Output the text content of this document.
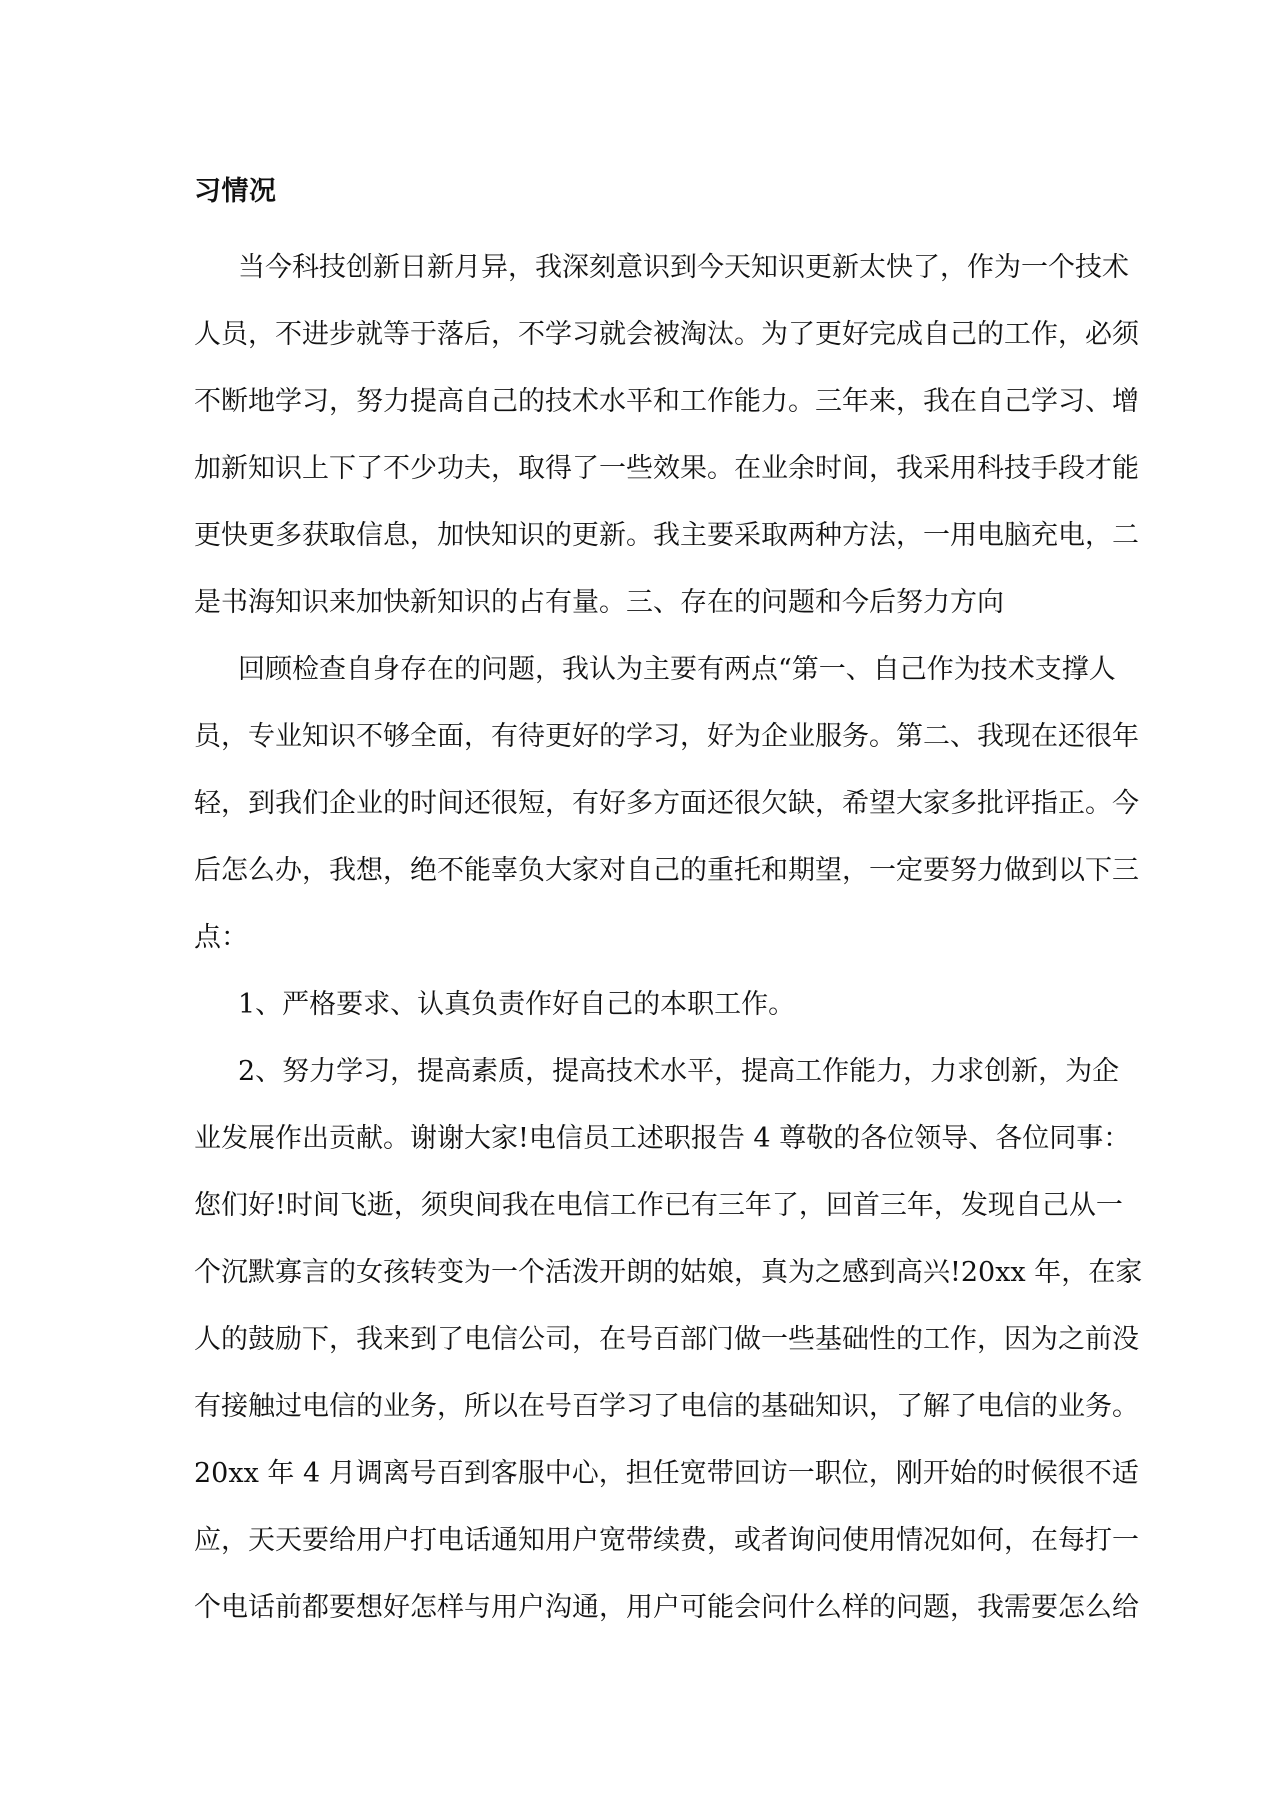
习情况
当今科技创新日新月异，我深刻意识到今天知识更新太快了，作为一个技术
人员，不进步就等于落后，不学习就会被淘汰。为了更好完成自己的工作，必须
不断地学习，努力提高自己的技术水平和工作能力。三年来，我在自己学习、增
加新知识上下了不少功夫，取得了一些效果。在业余时间，我采用科技手段才能
更快更多获取信息，加快知识的更新。我主要采取两种方法，一用电脑充电，二
是书海知识来加快新知识的占有量。三、存在的问题和今后努力方向
回顾检查自身存在的问题，我认为主要有两点“第一、自己作为技术支撑人
员，专业知识不够全面，有待更好的学习，好为企业服务。第二、我现在还很年
轻，到我们企业的时间还很短，有好多方面还很欠缺，希望大家多批评指正。今
后怎么办，我想，绝不能辜负大家对自己的重托和期望，一定要努力做到以下三
点：
1、严格要求、认真负责作好自己的本职工作。
2、努力学习，提高素质，提高技术水平，提高工作能力，力求创新，为企
业发展作出贡献。谢谢大家!电信员工述职报告 4 尊敬的各位领导、各位同事：
您们好!时间飞逝，须臾间我在电信工作已有三年了，回首三年，发现自己从一
个沉默寡言的女孩转变为一个活泼开朗的姑娘，真为之感到高兴!20xx 年，在家
人的鼓励下，我来到了电信公司，在号百部门做一些基础性的工作，因为之前没
有接触过电信的业务，所以在号百学习了电信的基础知识，了解了电信的业务。
20xx 年 4 月调离号百到客服中心，担任宽带回访一职位，刚开始的时候很不适
应，天天要给用户打电话通知用户宽带续费，或者询问使用情况如何，在每打一
个电话前都要想好怎样与用户沟通，用户可能会问什么样的问题，我需要怎么给
